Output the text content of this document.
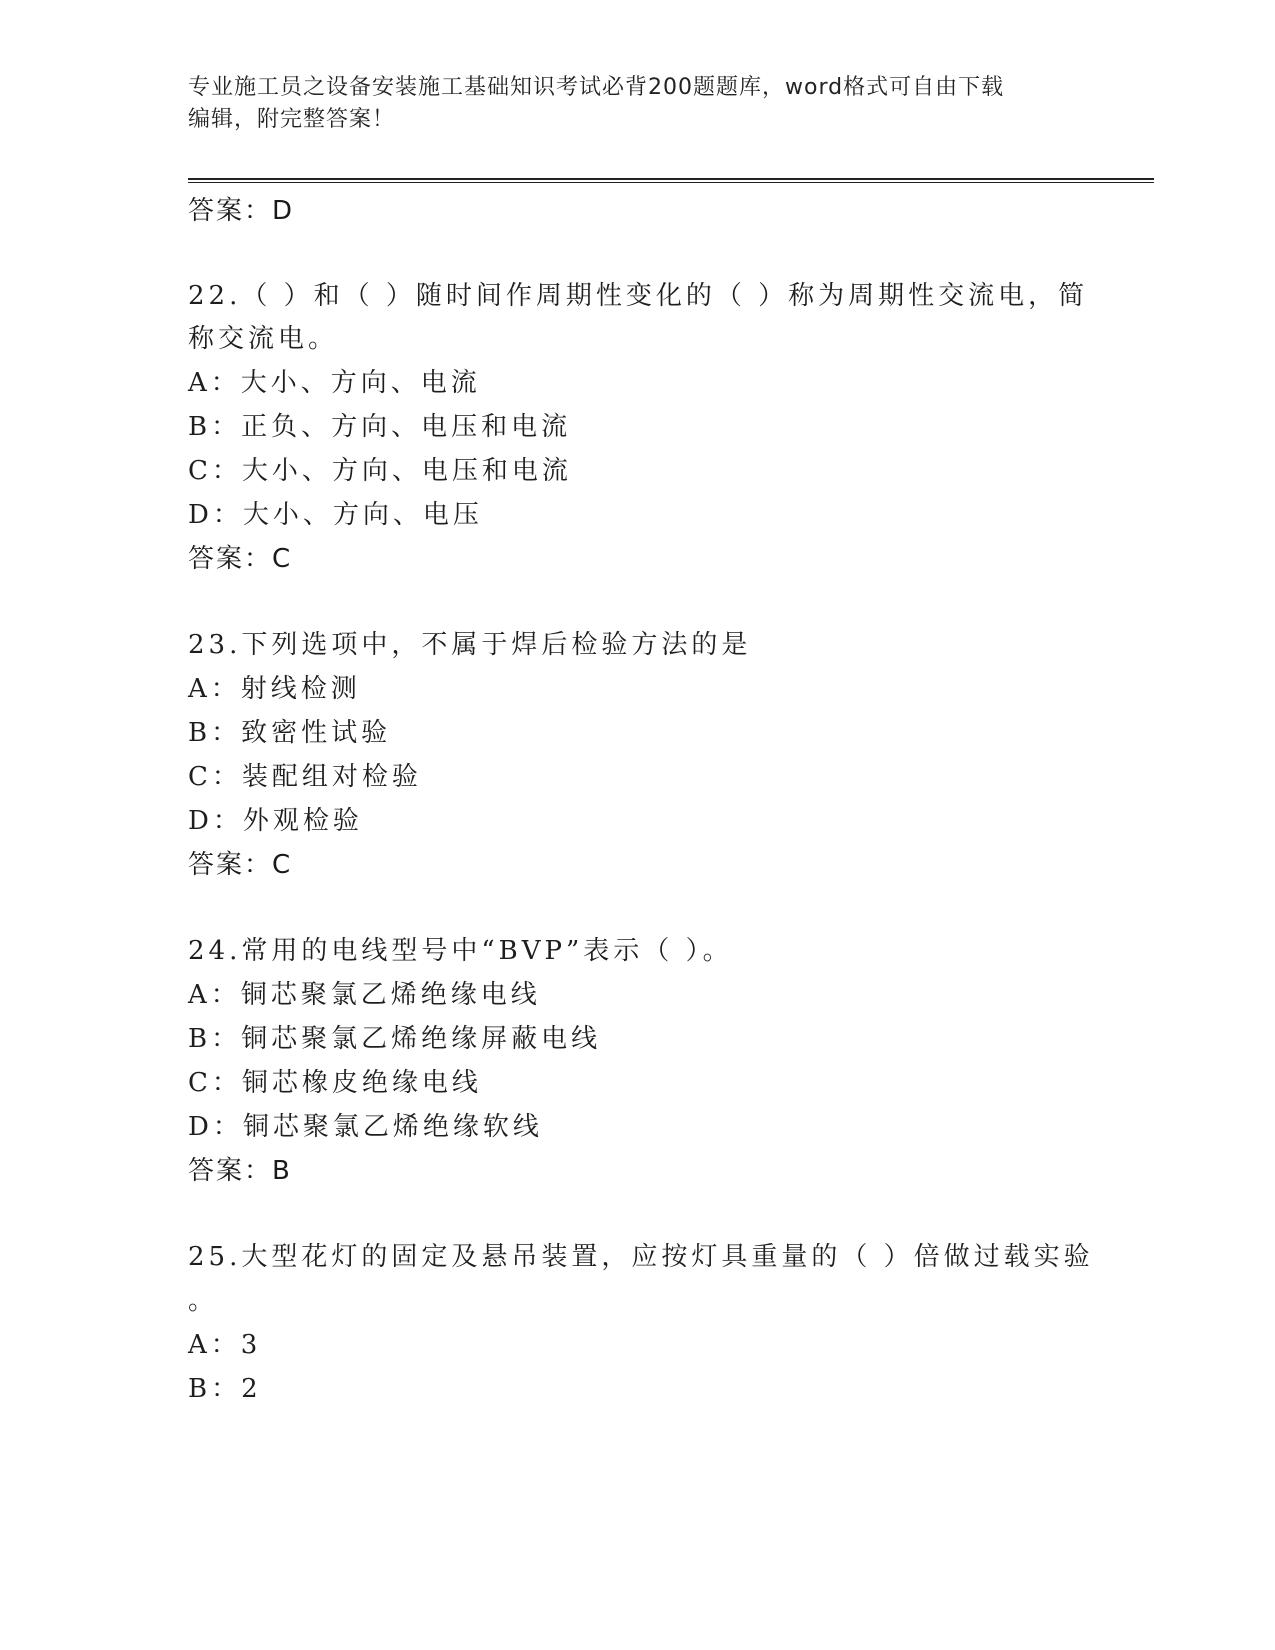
专业施工员之设备安装施工基础知识考试必背200题题库，word格式可自由下载
编辑，附完整答案！
答案：D
22.（ ）和（ ）随时间作周期性变化的（ ）称为周期性交流电，简
称交流电。
A：大小、方向、电流
B：正负、方向、电压和电流
C：大小、方向、电压和电流
D：大小、方向、电压
答案：C
23.下列选项中，不属于焊后检验方法的是
A：射线检测
B：致密性试验
C：装配组对检验
D：外观检验
答案：C
24.常用的电线型号中“BVP”表示（ ）。
A：铜芯聚氯乙烯绝缘电线
B：铜芯聚氯乙烯绝缘屏蔽电线
C：铜芯橡皮绝缘电线
D：铜芯聚氯乙烯绝缘软线
答案：B
25.大型花灯的固定及悬吊装置，应按灯具重量的（ ）倍做过载实验
。
A：3
B：2
